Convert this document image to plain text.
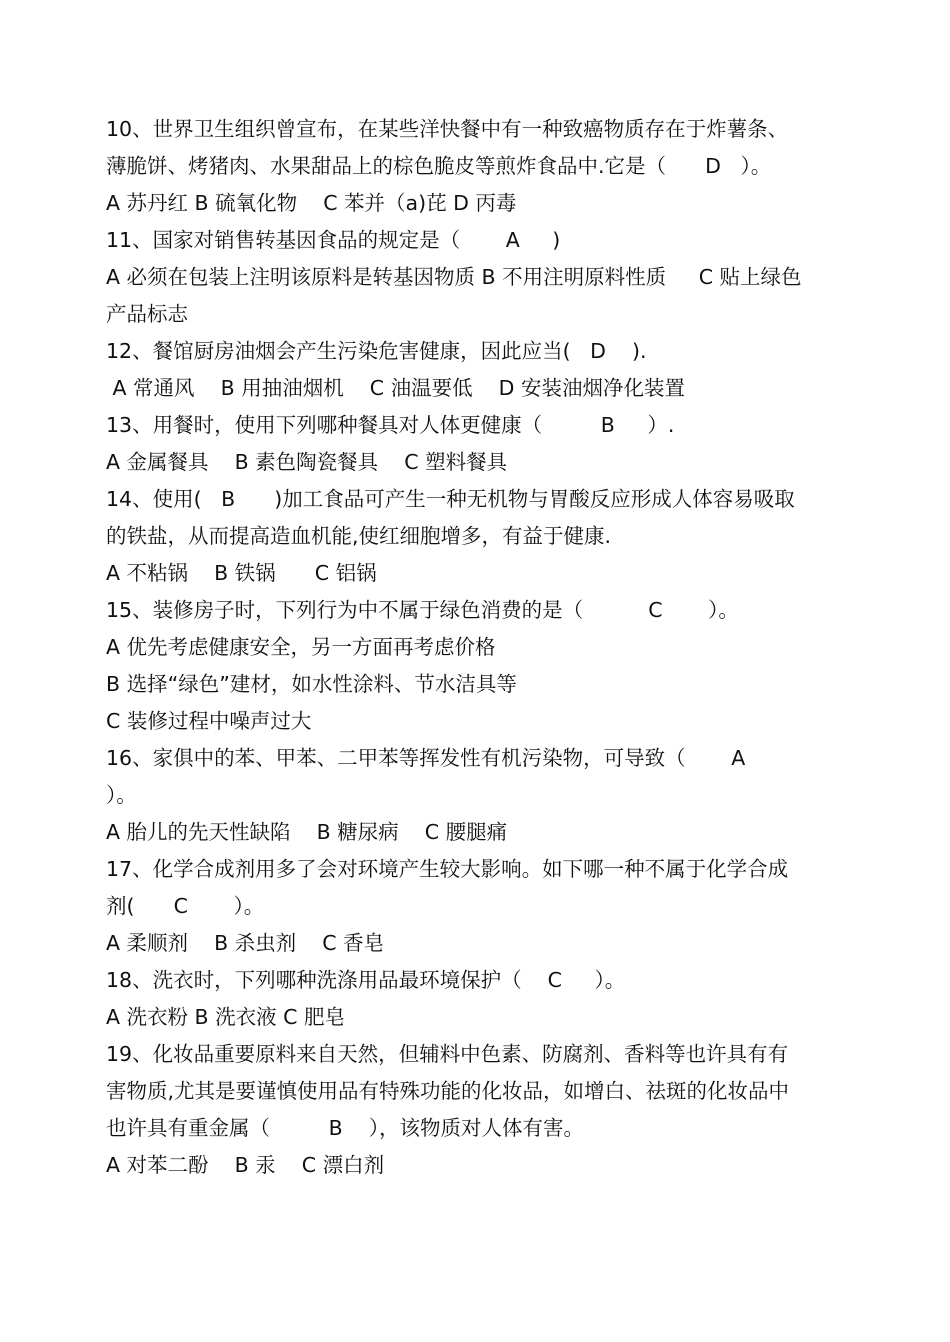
10、世界卫生组织曾宣布，在某些洋快餐中有一种致癌物质存在于炸薯条、
薄脆饼、烤猪肉、水果甜品上的棕色脆皮等煎炸食品中.它是（      D   ）。
A 苏丹红 B 硫氧化物    C 苯并（a)芘 D 丙毒
11、国家对销售转基因食品的规定是（       A     )
A 必须在包装上注明该原料是转基因物质 B 不用注明原料性质     C 贴上绿色
产品标志
12、餐馆厨房油烟会产生污染危害健康，因此应当(   D    ).
A 常通风    B 用抽油烟机    C 油温要低    D 安装油烟净化装置
13、用餐时，使用下列哪种餐具对人体更健康（         B     ）.
A 金属餐具    B 素色陶瓷餐具    C 塑料餐具
14、使用(   B      )加工食品可产生一种无机物与胃酸反应形成人体容易吸取
的铁盐，从而提高造血机能,使红细胞增多，有益于健康.
A 不粘锅    B 铁锅      C 铝锅
15、装修房子时，下列行为中不属于绿色消费的是（          C       ）。
A 优先考虑健康安全，另一方面再考虑价格
B 选择“绿色”建材，如水性涂料、节水洁具等
C 装修过程中噪声过大
16、家俱中的苯、甲苯、二甲苯等挥发性有机污染物，可导致（       A
）。
A 胎儿的先天性缺陷    B 糖尿病    C 腰腿痛
17、化学合成剂用多了会对环境产生较大影响。如下哪一种不属于化学合成
剂(      C       ）。
A 柔顺剂    B 杀虫剂    C 香皂
18、洗衣时，下列哪种洗涤用品最环境保护（    C     ）。
A 洗衣粉 B 洗衣液 C 肥皂
19、化妆品重要原料来自天然，但辅料中色素、防腐剂、香料等也许具有有
害物质,尤其是要谨慎使用品有特殊功能的化妆品，如增白、祛斑的化妆品中
也许具有重金属（         B    ），该物质对人体有害。
A 对苯二酚    B 汞    C 漂白剂
